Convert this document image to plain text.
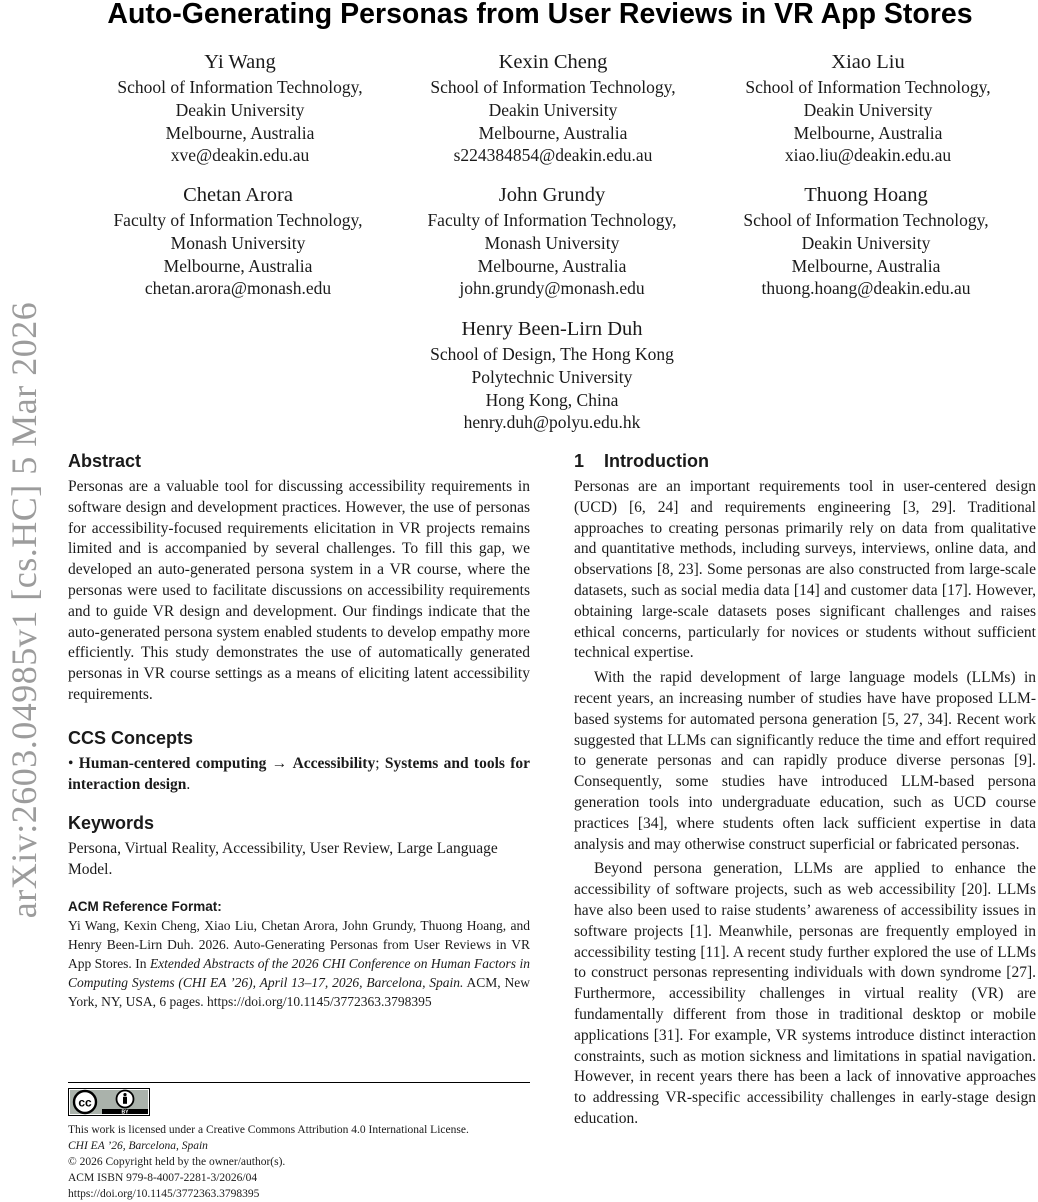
arXiv:2603.04985v1 [cs.HC] 5 Mar 2026
Auto-Generating Personas from User Reviews in VR App Stores
Yi Wang
School of Information Technology,
Deakin University
Melbourne, Australia
xve@deakin.edu.au
Kexin Cheng
School of Information Technology,
Deakin University
Melbourne, Australia
s224384854@deakin.edu.au
Xiao Liu
School of Information Technology,
Deakin University
Melbourne, Australia
xiao.liu@deakin.edu.au
Chetan Arora
Faculty of Information Technology,
Monash University
Melbourne, Australia
chetan.arora@monash.edu
John Grundy
Faculty of Information Technology,
Monash University
Melbourne, Australia
john.grundy@monash.edu
Thuong Hoang
School of Information Technology,
Deakin University
Melbourne, Australia
thuong.hoang@deakin.edu.au
Henry Been-Lirn Duh
School of Design, The Hong Kong
Polytechnic University
Hong Kong, China
henry.duh@polyu.edu.hk
Abstract

Personas are a valuable tool for discussing accessibility requirements in software design and development practices. However, the use of personas for accessibility-focused requirements elicitation in VR projects remains limited and is accompanied by several challenges. To fill this gap, we developed an auto-generated persona system in a VR course, where the personas were used to facilitate discussions on accessibility requirements and to guide VR design and development. Our findings indicate that the auto-generated persona system enabled students to develop empathy more efficiently. This study demonstrates the use of automatically generated personas in VR course settings as a means of eliciting latent accessibility requirements.

CCS Concepts

• Human-centered computing → Accessibility; Systems and tools for interaction design.

Keywords

Persona, Virtual Reality, Accessibility, User Review, Large Language Model.

ACM Reference Format:
Yi Wang, Kexin Cheng, Xiao Liu, Chetan Arora, John Grundy, Thuong Hoang, and Henry Been-Lirn Duh. 2026. Auto-Generating Personas from User Reviews in VR App Stores. In Extended Abstracts of the 2026 CHI Conference on Human Factors in Computing Systems (CHI EA ’26), April 13–17, 2026, Barcelona, Spain. ACM, New York, NY, USA, 6 pages. https://doi.org/10.1145/3772363.3798395
cc
BY
This work is licensed under a Creative Commons Attribution 4.0 International License.
CHI EA ’26, Barcelona, Spain
© 2026 Copyright held by the owner/author(s).
ACM ISBN 979-8-4007-2281-3/2026/04
https://doi.org/10.1145/3772363.3798395
1 Introduction

Personas are an important requirements tool in user-centered design (UCD) [6, 24] and requirements engineering [3, 29]. Traditional approaches to creating personas primarily rely on data from qualitative and quantitative methods, including surveys, interviews, online data, and observations [8, 23]. Some personas are also constructed from large-scale datasets, such as social media data [14] and customer data [17]. However, obtaining large-scale datasets poses significant challenges and raises ethical concerns, particularly for novices or students without sufficient technical expertise.

With the rapid development of large language models (LLMs) in recent years, an increasing number of studies have have proposed LLM-based systems for automated persona generation [5, 27, 34]. Recent work suggested that LLMs can significantly reduce the time and effort required to generate personas and can rapidly produce diverse personas [9]. Consequently, some studies have introduced LLM-based persona generation tools into undergraduate education, such as UCD course practices [34], where students often lack sufficient expertise in data analysis and may otherwise construct superficial or fabricated personas.

Beyond persona generation, LLMs are applied to enhance the accessibility of software projects, such as web accessibility [20]. LLMs have also been used to raise students’ awareness of accessibility issues in software projects [1]. Meanwhile, personas are frequently employed in accessibility testing [11]. A recent study further explored the use of LLMs to construct personas representing individuals with down syndrome [27]. Furthermore, accessibility challenges in virtual reality (VR) are fundamentally different from those in traditional desktop or mobile applications [31]. For example, VR systems introduce distinct interaction constraints, such as motion sickness and limitations in spatial navigation. However, in recent years there has been a lack of innovative approaches to addressing VR-specific accessibility challenges in early-stage design education.
